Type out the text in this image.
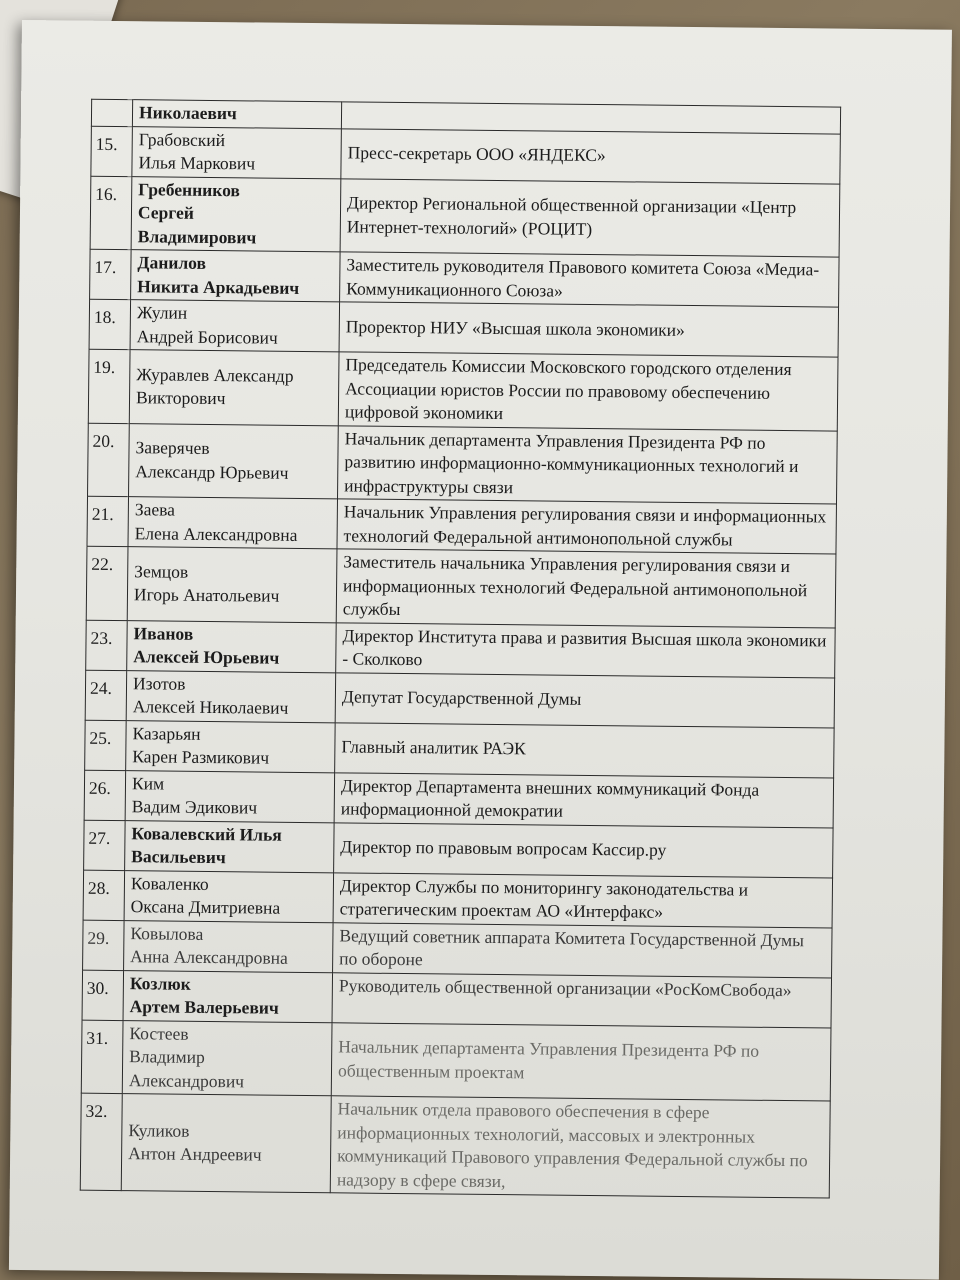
	Николаевич	
15.	Грабовский
Илья Маркович	Пресс-секретарь ООО «ЯНДЕКС»
16.	Гребенников
Сергей
Владимирович	Директор Региональной общественной организации «Центр Интернет-технологий» (РОЦИТ)
17.	Данилов
Никита Аркадьевич	Заместитель руководителя Правового комитета Союза «Медиа-Коммуникационного Союза»
18.	Жулин
Андрей Борисович	Проректор НИУ «Высшая школа экономики»
19.	Журавлев Александр
Викторович	Председатель Комиссии Московского городского отделения Ассоциации юристов России по правовому обеспечению цифровой экономики
20.	Заверячев
Александр Юрьевич	Начальник департамента Управления Президента РФ по развитию информационно-коммуникационных технологий и инфраструктуры связи
21.	Заева
Елена Александровна	Начальник Управления регулирования связи и информационных технологий Федеральной антимонопольной службы
22.	Земцов
Игорь Анатольевич	Заместитель начальника Управления регулирования связи и информационных технологий Федеральной антимонопольной службы
23.	Иванов
Алексей Юрьевич	Директор Института права и развития Высшая школа экономики - Сколково
24.	Изотов
Алексей Николаевич	Депутат Государственной Думы
25.	Казарьян
Карен Размикович	Главный аналитик РАЭК
26.	Ким
Вадим Эдикович	Директор Департамента внешних коммуникаций Фонда информационной демократии
27.	Ковалевский Илья
Васильевич	Директор по правовым вопросам Кассир.ру
28.	Коваленко
Оксана Дмитриевна	Директор Службы по мониторингу законодательства и стратегическим проектам АО «Интерфакс»
29.	Ковылова
Анна Александровна	Ведущий советник аппарата Комитета Государственной Думы по обороне
30.	Козлюк
Артем Валерьевич	Руководитель общественной организации «РосКомСвобода»
31.	Костеев
Владимир
Александрович	Начальник департамента Управления Президента РФ по общественным проектам
32.	Куликов
Антон Андреевич	Начальник отдела правового обеспечения в сфере информационных технологий, массовых и электронных коммуникаций Правового управления Федеральной службы по надзору в сфере связи,
